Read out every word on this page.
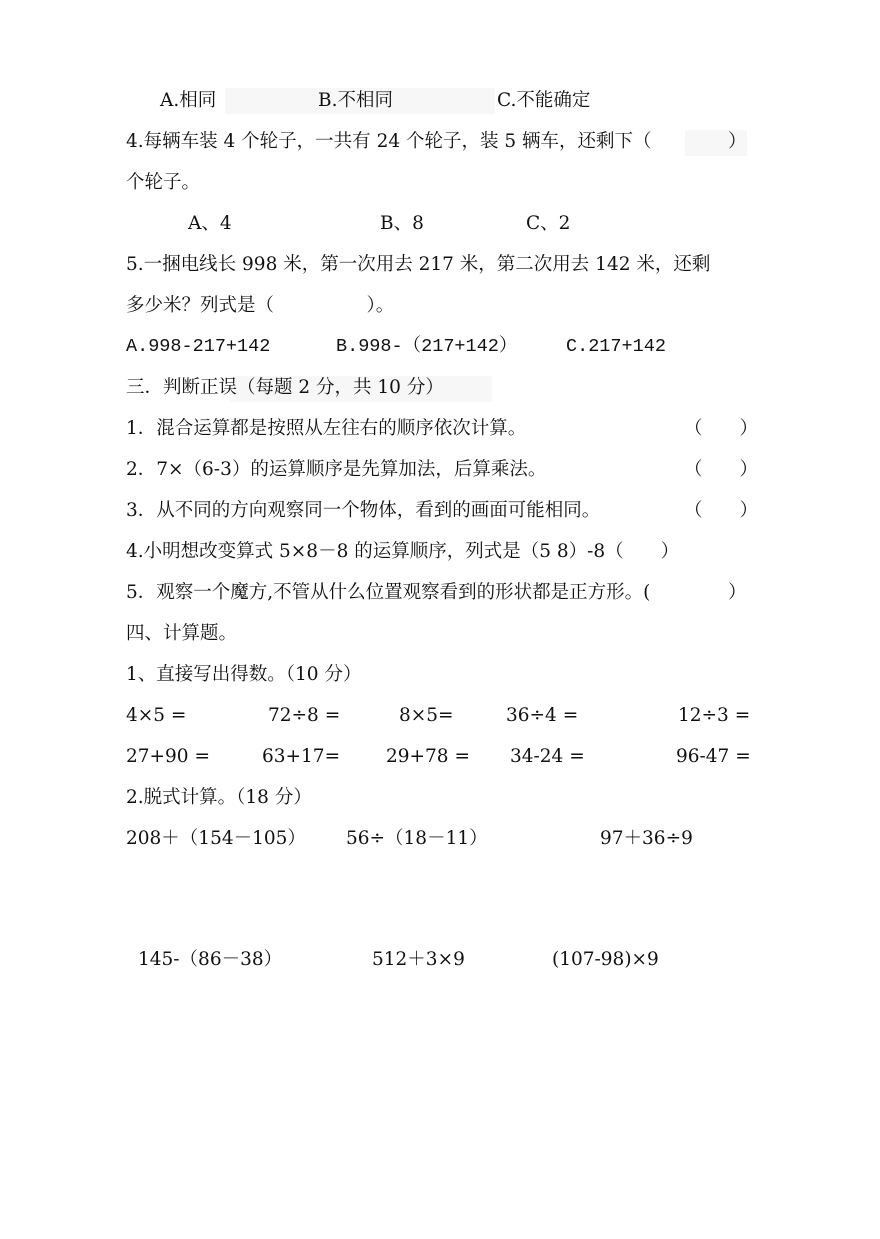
A.相同	B.不相同	C.不能确定
4.每辆车装 4 个轮子，一共有 24 个轮子，装 5 辆车，还剩下（	）
个轮子。
A、4	B、8	C、2
5.一捆电线长 998 米，第一次用去 217 米，第二次用去 142 米，还剩
多少米？列式是（　　　　　）。
A.998-217+142	B.998-（217+142）	C.217+142
三．判断正误（每题 2 分，共 10 分）
1．混合运算都是按照从左往右的顺序依次计算。	（　　）
2．7×（6-3）的运算顺序是先算加法，后算乘法。	（　　）
3．从不同的方向观察同一个物体，看到的画面可能相同。	（　　）
4.小明想改变算式 5×8－8 的运算顺序，列式是（5 8）-8（　　）
5．观察一个魔方,不管从什么位置观察看到的形状都是正方形。(	）
四、计算题。
1、直接写出得数。（10 分）
4×5 =	72÷8 =	8×5=	36÷4 =	12÷3 =
27+90 =	63+17= 29+78 = 34-24 =	96-47 =
2.脱式计算。（18 分）
208＋（154－105） 56÷（18－11）	97＋36÷9
145-（86－38）	512＋3×9	(107-98)×9
